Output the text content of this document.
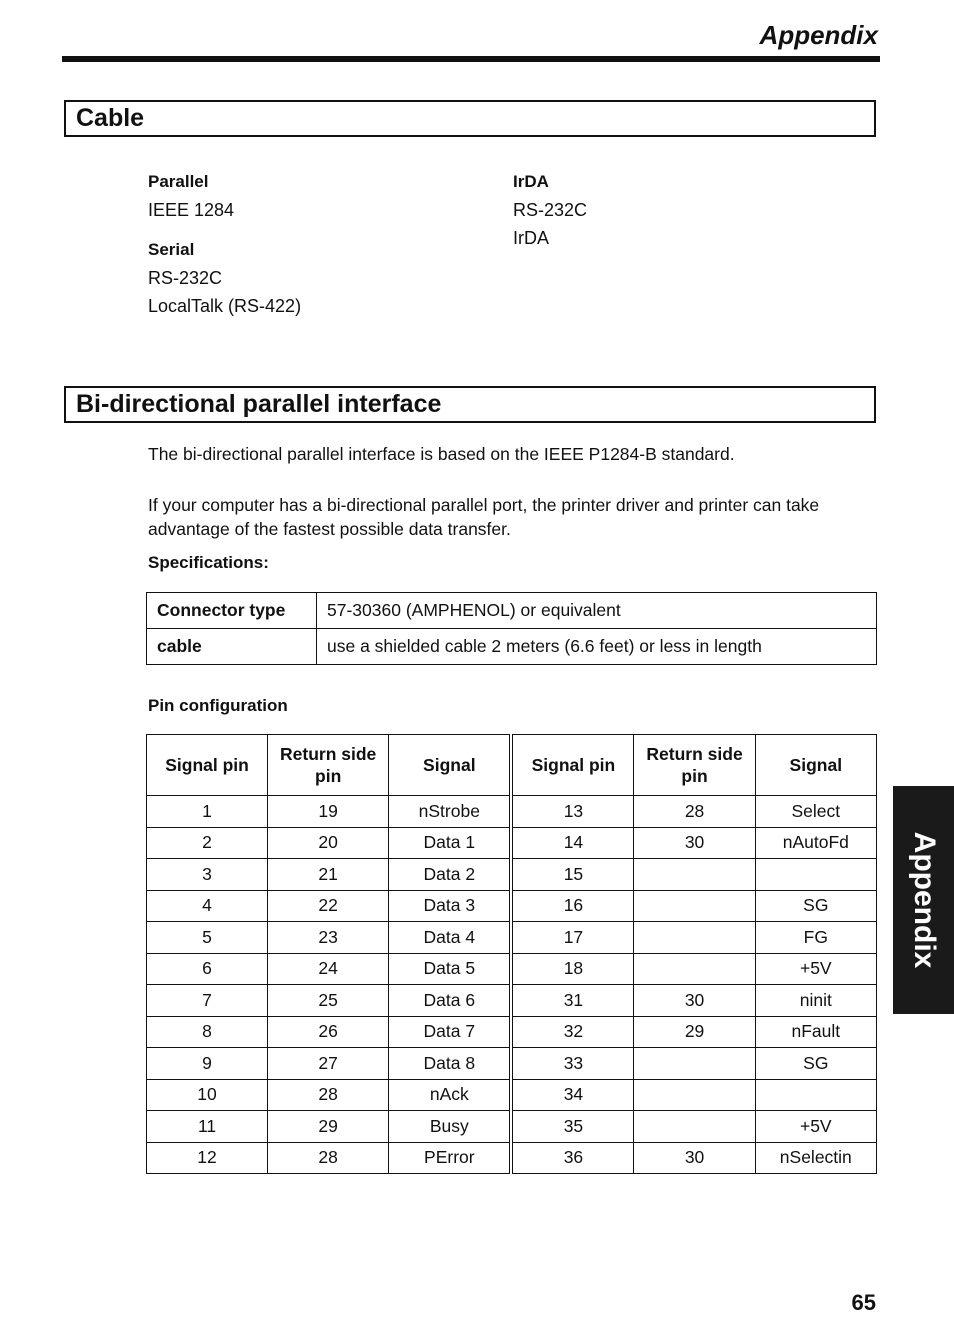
Appendix
Cable
Parallel
IEEE 1284
Serial
RS-232C
LocalTalk (RS-422)
IrDA
RS-232C
IrDA
Bi-directional parallel interface
The bi-directional parallel interface is based on the IEEE P1284-B standard.
If your computer has a bi-directional parallel port, the printer driver and printer can take advantage of the fastest possible data transfer.
Specifications:
Connector type	57-30360 (AMPHENOL) or equivalent
cable	use a shielded cable 2 meters (6.6 feet) or less in length
Pin configuration
Signal pin	Return side pin	Signal	Signal pin	Return side pin	Signal
1	19	nStrobe	13	28	Select
2	20	Data 1	14	30	nAutoFd
3	21	Data 2	15		
4	22	Data 3	16		SG
5	23	Data 4	17		FG
6	24	Data 5	18		+5V
7	25	Data 6	31	30	ninit
8	26	Data 7	32	29	nFault
9	27	Data 8	33		SG
10	28	nAck	34		
11	29	Busy	35		+5V
12	28	PError	36	30	nSelectin
Appendix
65
